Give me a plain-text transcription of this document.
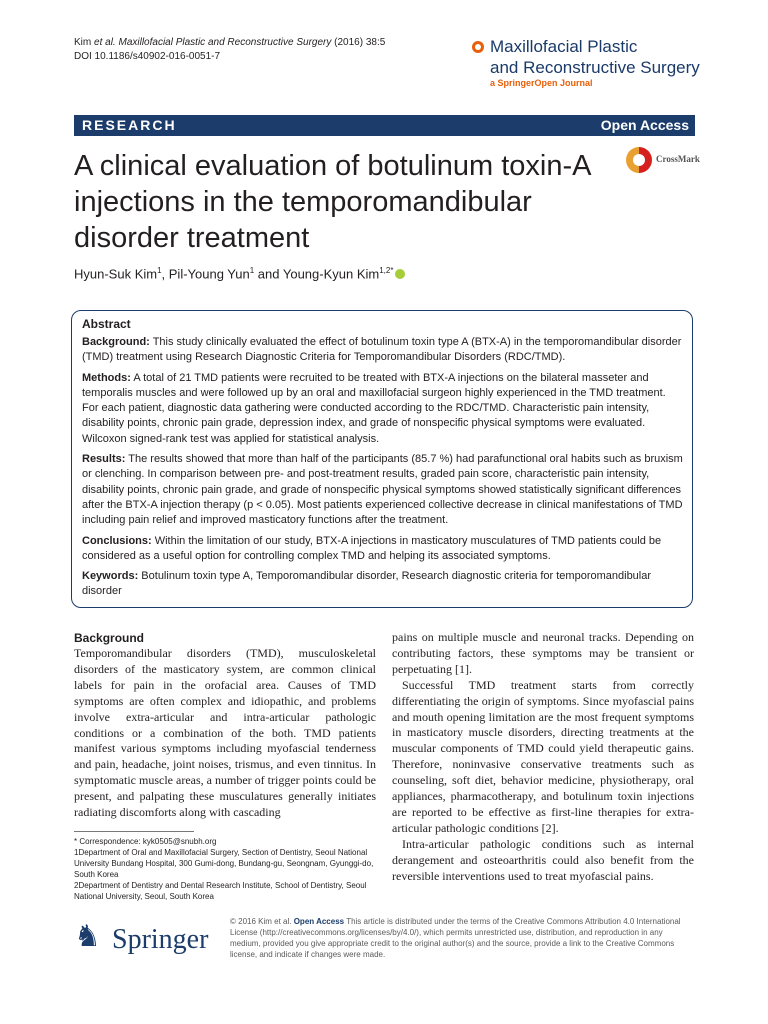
Kim et al. Maxillofacial Plastic and Reconstructive Surgery (2016) 38:5
DOI 10.1186/s40902-016-0051-7
Maxillofacial Plastic
and Reconstructive Surgery
a SpringerOpen Journal
RESEARCH	Open Access
A clinical evaluation of botulinum toxin-A injections in the temporomandibular disorder treatment
CrossMark
Hyun-Suk Kim$^1$, Pil-Young Yun$^1$ and Young-Kyun Kim$^{1,2*}$
Abstract

Background: This study clinically evaluated the effect of botulinum toxin type A (BTX-A) in the temporomandibular disorder (TMD) treatment using Research Diagnostic Criteria for Temporomandibular Disorders (RDC/TMD).

Methods: A total of 21 TMD patients were recruited to be treated with BTX-A injections on the bilateral masseter and temporalis muscles and were followed up by an oral and maxillofacial surgeon highly experienced in the TMD treatment. For each patient, diagnostic data gathering were conducted according to the RDC/TMD. Characteristic pain intensity, disability points, chronic pain grade, depression index, and grade of nonspecific physical symptoms were evaluated. Wilcoxon signed-rank test was applied for statistical analysis.

Results: The results showed that more than half of the participants (85.7 %) had parafunctional oral habits such as bruxism or clenching. In comparison between pre- and post-treatment results, graded pain score, characteristic pain intensity, disability points, chronic pain grade, and grade of nonspecific physical symptoms showed statistically significant differences after the BTX-A injection therapy (p < 0.05). Most patients experienced collective decrease in clinical manifestations of TMD including pain relief and improved masticatory functions after the treatment.

Conclusions: Within the limitation of our study, BTX-A injections in masticatory musculatures of TMD patients could be considered as a useful option for controlling complex TMD and helping its associated symptoms.

Keywords: Botulinum toxin type A, Temporomandibular disorder, Research diagnostic criteria for temporomandibular disorder

Background

Temporomandibular disorders (TMD), musculoskeletal disorders of the masticatory system, are common clinical labels for pain in the orofacial area. Causes of TMD symptoms are often complex and idiopathic, and problems involve extra-articular and intra-articular pathologic conditions or a combination of the both. TMD patients manifest various symptoms including myofascial tenderness and pain, headache, joint noises, trismus, and even tinnitus. In symptomatic muscle areas, a number of trigger points could be present, and palpating these musculatures generally initiates radiating discomforts along with cascading

pains on multiple muscle and neuronal tracks. Depending on contributing factors, these symptoms may be transient or perpetuating [1].

Successful TMD treatment starts from correctly differentiating the origin of symptoms. Since myofascial pains and mouth opening limitation are the most frequent symptoms in masticatory muscle disorders, directing treatments at the muscular components of TMD could yield therapeutic gains. Therefore, noninvasive conservative treatments such as counseling, soft diet, behavior medicine, physiotherapy, oral appliances, pharmacotherapy, and botulinum toxin injections are reported to be effective as first-line therapies for extra-articular pathologic conditions [2].

Intra-articular pathologic conditions such as internal derangement and osteoarthritis could also benefit from the reversible interventions used to treat myofascial pains.

* Correspondence: kyk0505@snubh.org

1Department of Oral and Maxillofacial Surgery, Section of Dentistry, Seoul National University Bundang Hospital, 300 Gumi-dong, Bundang-gu, Seongnam, Gyunggi-do, South Korea

2Department of Dentistry and Dental Research Institute, School of Dentistry, Seoul National University, Seoul, South Korea

♞ Springer
© 2016 Kim et al. Open Access This article is distributed under the terms of the Creative Commons Attribution 4.0 International License (http://creativecommons.org/licenses/by/4.0/), which permits unrestricted use, distribution, and reproduction in any medium, provided you give appropriate credit to the original author(s) and the source, provide a link to the Creative Commons license, and indicate if changes were made.
